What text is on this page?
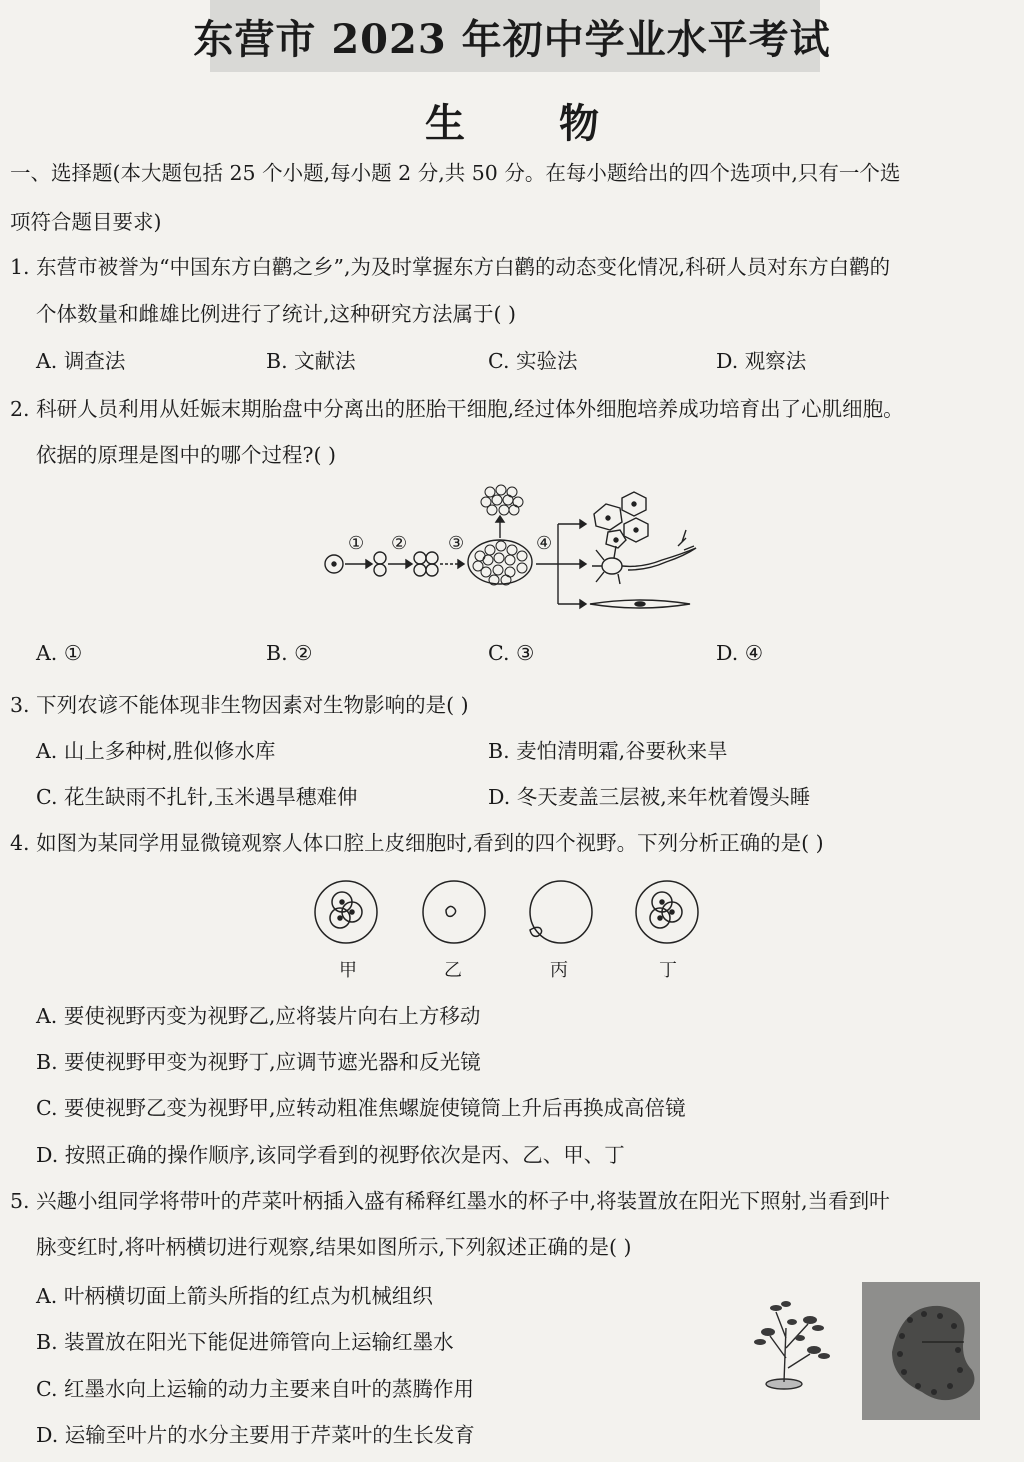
东营市 2023 年初中学业水平考试
生 物
一、选择题(本大题包括 25 个小题,每小题 2 分,共 50 分。在每小题给出的四个选项中,只有一个选
项符合题目要求)
1. 东营市被誉为“中国东方白鹳之乡”,为及时掌握东方白鹳的动态变化情况,科研人员对东方白鹳的
个体数量和雌雄比例进行了统计,这种研究方法属于( )
A. 调查法	B. 文献法	C. 实验法	D. 观察法
2. 科研人员利用从妊娠末期胎盘中分离出的胚胎干细胞,经过体外细胞培养成功培育出了心肌细胞。
依据的原理是图中的哪个过程?( )
① ② ③	④
A. ①	B. ②	C. ③	D. ④
3. 下列农谚不能体现非生物因素对生物影响的是( )
A. 山上多种树,胜似修水库	B. 麦怕清明霜,谷要秋来旱
C. 花生缺雨不扎针,玉米遇旱穗难伸	D. 冬天麦盖三层被,来年枕着馒头睡
4. 如图为某同学用显微镜观察人体口腔上皮细胞时,看到的四个视野。下列分析正确的是( )
甲	乙	丙	丁
A. 要使视野丙变为视野乙,应将装片向右上方移动
B. 要使视野甲变为视野丁,应调节遮光器和反光镜
C. 要使视野乙变为视野甲,应转动粗准焦螺旋使镜筒上升后再换成高倍镜
D. 按照正确的操作顺序,该同学看到的视野依次是丙、乙、甲、丁
5. 兴趣小组同学将带叶的芹菜叶柄插入盛有稀释红墨水的杯子中,将装置放在阳光下照射,当看到叶
脉变红时,将叶柄横切进行观察,结果如图所示,下列叙述正确的是( )
A. 叶柄横切面上箭头所指的红点为机械组织
B. 装置放在阳光下能促进筛管向上运输红墨水
C. 红墨水向上运输的动力主要来自叶的蒸腾作用
D. 运输至叶片的水分主要用于芹菜叶的生长发育
